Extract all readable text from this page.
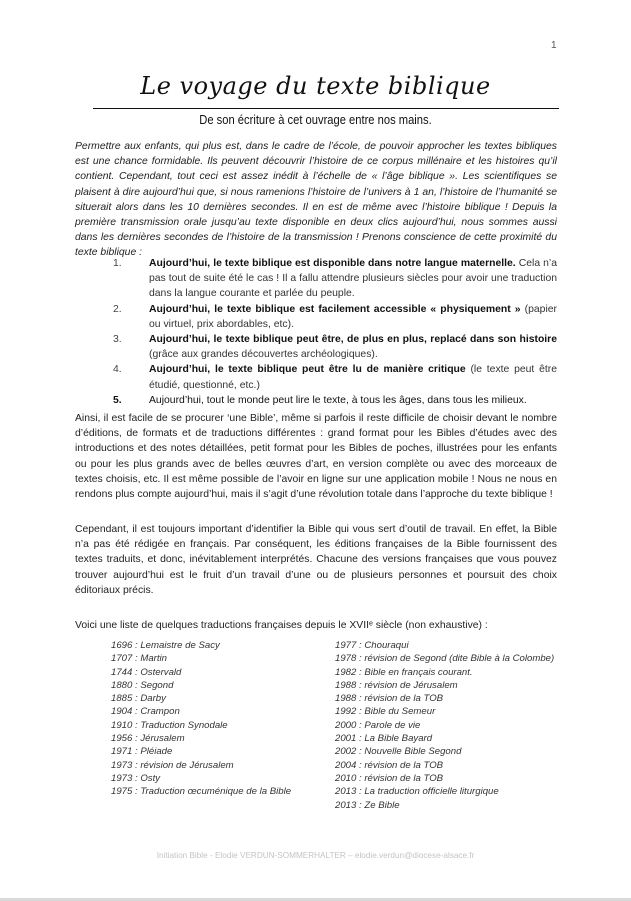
1
Le voyage du texte biblique
De son écriture à cet ouvrage entre nos mains.

Permettre aux enfants, qui plus est, dans le cadre de l’école, de pouvoir approcher les textes bibliques est une chance formidable. Ils peuvent découvrir l’histoire de ce corpus millénaire et les histoires qu’il contient. Cependant, tout ceci est assez inédit à l’échelle de « l’âge biblique ». Les scientifiques se plaisent à dire aujourd’hui que, si nous ramenions l’histoire de l’univers à 1 an, l’histoire de l’humanité se situerait alors dans les 10 dernières secondes. Il en est de même avec l’histoire biblique ! Depuis la première transmission orale jusqu’au texte disponible en deux clics aujourd’hui, nous sommes aussi dans les dernières secondes de l’histoire de la transmission ! Prenons conscience de cette proximité du texte biblique :

1.	Aujourd’hui, le texte biblique est disponible dans notre langue maternelle. Cela n’a pas tout de suite été le cas ! Il a fallu attendre plusieurs siècles pour avoir une traduction dans la langue courante et parlée du peuple.
2.	Aujourd’hui, le texte biblique est facilement accessible « physiquement » (papier ou virtuel, prix abordables, etc).
3.	Aujourd’hui, le texte biblique peut être, de plus en plus, replacé dans son histoire (grâce aux grandes découvertes archéologiques).
4.	Aujourd’hui, le texte biblique peut être lu de manière critique (le texte peut être étudié, questionné, etc.)
5.	Aujourd’hui, tout le monde peut lire le texte, à tous les âges, dans tous les milieux.

Ainsi, il est facile de se procurer ‘une Bible’, même si parfois il reste difficile de choisir devant le nombre d’éditions, de formats et de traductions différentes : grand format pour les Bibles d’études avec des introductions et des notes détaillées, petit format pour les Bibles de poches, illustrées pour les enfants ou pour les plus grands avec de belles œuvres d’art, en version complète ou avec des morceaux de textes choisis, etc. Il est même possible de l’avoir en ligne sur une application mobile ! Nous ne nous en rendons plus compte aujourd’hui, mais il s’agit d’une révolution totale dans l’approche du texte biblique !

Cependant, il est toujours important d’identifier la Bible qui vous sert d’outil de travail. En effet, la Bible n’a pas été rédigée en français. Par conséquent, les éditions françaises de la Bible fournissent des textes traduits, et donc, inévitablement interprétés. Chacune des versions françaises que vous pouvez trouver aujourd’hui est le fruit d’un travail d’une ou de plusieurs personnes et poursuit des choix éditoriaux précis.

Voici une liste de quelques traductions françaises depuis le XVIIᵉ siècle (non exhaustive) :

1696 : Lemaistre de Sacy
1707 : Martin
1744 : Ostervald
1880 : Segond
1885 : Darby
1904 : Crampon
1910 : Traduction Synodale
1956 : Jérusalem
1971 : Pléiade
1973 : révision de Jérusalem
1973 : Osty
1975 : Traduction œcuménique de la Bible
1977 : Chouraqui
1978 : révision de Segond (dite Bible à la Colombe)
1982 : Bible en français courant.
1988 : révision de Jérusalem
1988 : révision de la TOB
1992 : Bible du Semeur
2000 : Parole de vie
2001 : La Bible Bayard
2002 : Nouvelle Bible Segond
2004 : révision de la TOB
2010 : révision de la TOB
2013 : La traduction officielle liturgique
2013 : Ze Bible
Initiation Bible - Elodie VERDUN-SOMMERHALTER – elodie.verdun@diocese-alsace.fr
